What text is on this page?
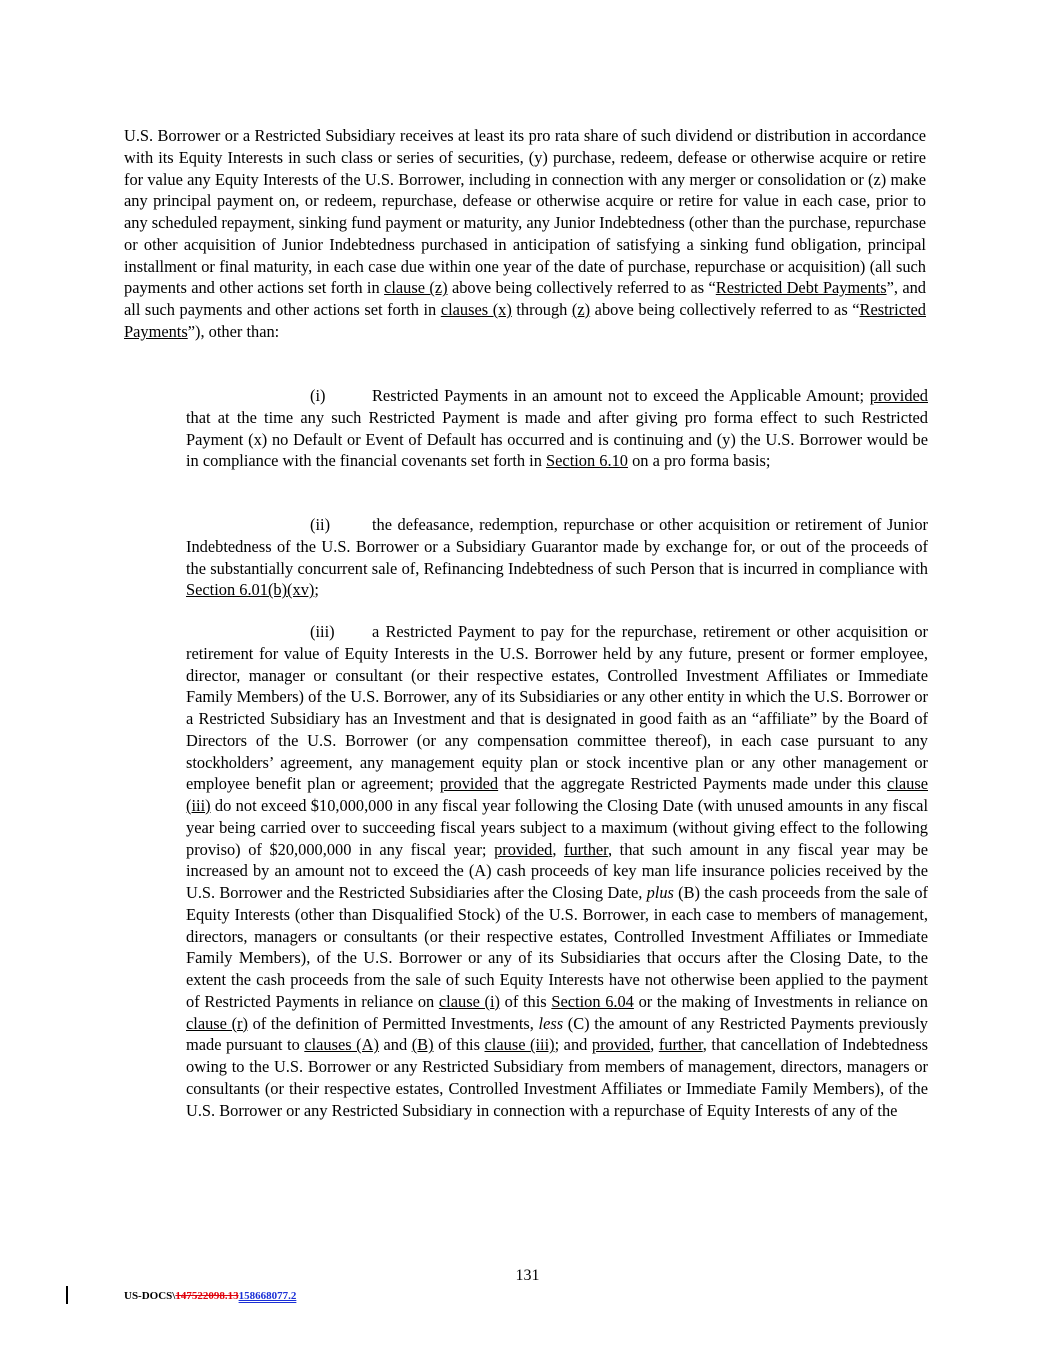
U.S. Borrower or a Restricted Subsidiary receives at least its pro rata share of such dividend or distribution in accordance with its Equity Interests in such class or series of securities, (y) purchase, redeem, defease or otherwise acquire or retire for value any Equity Interests of the U.S. Borrower, including in connection with any merger or consolidation or (z) make any principal payment on, or redeem, repurchase, defease or otherwise acquire or retire for value in each case, prior to any scheduled repayment, sinking fund payment or maturity, any Junior Indebtedness (other than the purchase, repurchase or other acquisition of Junior Indebtedness purchased in anticipation of satisfying a sinking fund obligation, principal installment or final maturity, in each case due within one year of the date of purchase, repurchase or acquisition) (all such payments and other actions set forth in clause (z) above being collectively referred to as “Restricted Debt Payments”, and all such payments and other actions set forth in clauses (x) through (z) above being collectively referred to as “Restricted Payments”), other than:

(i)	Restricted Payments in an amount not to exceed the Applicable Amount; provided that at the time any such Restricted Payment is made and after giving pro forma effect to such Restricted Payment (x) no Default or Event of Default has occurred and is continuing and (y) the U.S. Borrower would be in compliance with the financial covenants set forth in Section 6.10 on a pro forma basis;

(ii)	the defeasance, redemption, repurchase or other acquisition or retirement of Junior Indebtedness of the U.S. Borrower or a Subsidiary Guarantor made by exchange for, or out of the proceeds of the substantially concurrent sale of, Refinancing Indebtedness of such Person that is incurred in compliance with Section 6.01(b)(xv);

(iii) a Restricted Payment to pay for the repurchase, retirement or other acquisition or retirement for value of Equity Interests in the U.S. Borrower held by any future, present or former employee, director, manager or consultant (or their respective estates, Controlled Investment Affiliates or Immediate Family Members) of the U.S. Borrower, any of its Subsidiaries or any other entity in which the U.S. Borrower or a Restricted Subsidiary has an Investment and that is designated in good faith as an “affiliate” by the Board of Directors of the U.S. Borrower (or any compensation committee thereof), in each case pursuant to any stockholders’ agreement, any management equity plan or stock incentive plan or any other management or employee benefit plan or agreement; provided that the aggregate Restricted Payments made under this clause (iii) do not exceed $10,000,000 in any fiscal year following the Closing Date (with unused amounts in any fiscal year being carried over to succeeding fiscal years subject to a maximum (without giving effect to the following proviso) of $20,000,000 in any fiscal year; provided, further, that such amount in any fiscal year may be increased by an amount not to exceed the (A) cash proceeds of key man life insurance policies received by the U.S. Borrower and the Restricted Subsidiaries after the Closing Date, plus (B) the cash proceeds from the sale of Equity Interests (other than Disqualified Stock) of the U.S. Borrower, in each case to members of management, directors, managers or consultants (or their respective estates, Controlled Investment Affiliates or Immediate Family Members), of the U.S. Borrower or any of its Subsidiaries that occurs after the Closing Date, to the extent the cash proceeds from the sale of such Equity Interests have not otherwise been applied to the payment of Restricted Payments in reliance on clause (i) of this Section 6.04 or the making of Investments in reliance on clause (r) of the definition of Permitted Investments, less (C) the amount of any Restricted Payments previously made pursuant to clauses (A) and (B) of this clause (iii); and provided, further, that cancellation of Indebtedness owing to the U.S. Borrower or any Restricted Subsidiary from members of management, directors, managers or consultants (or their respective estates, Controlled Investment Affiliates or Immediate Family Members), of the U.S. Borrower or any Restricted Subsidiary in connection with a repurchase of Equity Interests of any of the

131
US-DOCS\147522098.13158668077.2
